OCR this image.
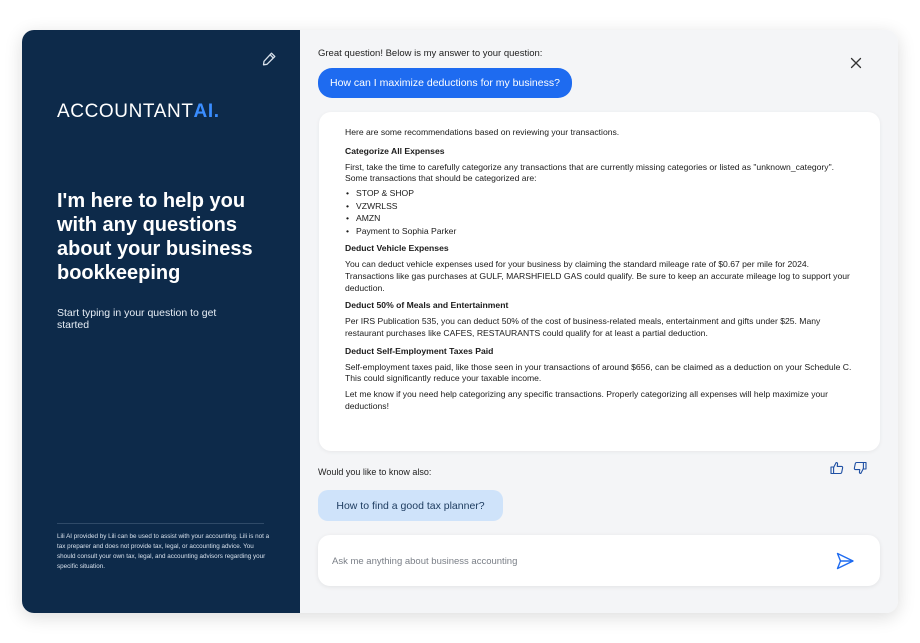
ACCOUNTANTAI.
I'm here to help you with any questions about your business bookkeeping

Start typing in your question to get started

Lili AI provided by Lili can be used to assist with your accounting. Lili is not a tax preparer and does not provide tax, legal, or accounting advice. You should consult your own tax, legal, and accounting advisors regarding your specific situation.

Great question! Below is my answer to your question:

How can I maximize deductions for my business?

Here are some recommendations based on reviewing your transactions.

Categorize All Expenses

First, take the time to carefully categorize any transactions that are currently missing categories or listed as "unknown_category". Some transactions that should be categorized are:

• STOP & SHOP
• VZWRLSS
• AMZN
• Payment to Sophia Parker

Deduct Vehicle Expenses

You can deduct vehicle expenses used for your business by claiming the standard mileage rate of $0.67 per mile for 2024. Transactions like gas purchases at GULF, MARSHFIELD GAS could qualify. Be sure to keep an accurate mileage log to support your deduction.

Deduct 50% of Meals and Entertainment

Per IRS Publication 535, you can deduct 50% of the cost of business-related meals, entertainment and gifts under $25. Many restaurant purchases like CAFES, RESTAURANTS could qualify for at least a partial deduction.

Deduct Self-Employment Taxes Paid

Self-employment taxes paid, like those seen in your transactions of around $656, can be claimed as a deduction on your Schedule C. This could significantly reduce your taxable income.

Let me know if you need help categorizing any specific transactions. Properly categorizing all expenses will help maximize your deductions!

Would you like to know also:

How to find a good tax planner?
Ask me anything about business accounting
